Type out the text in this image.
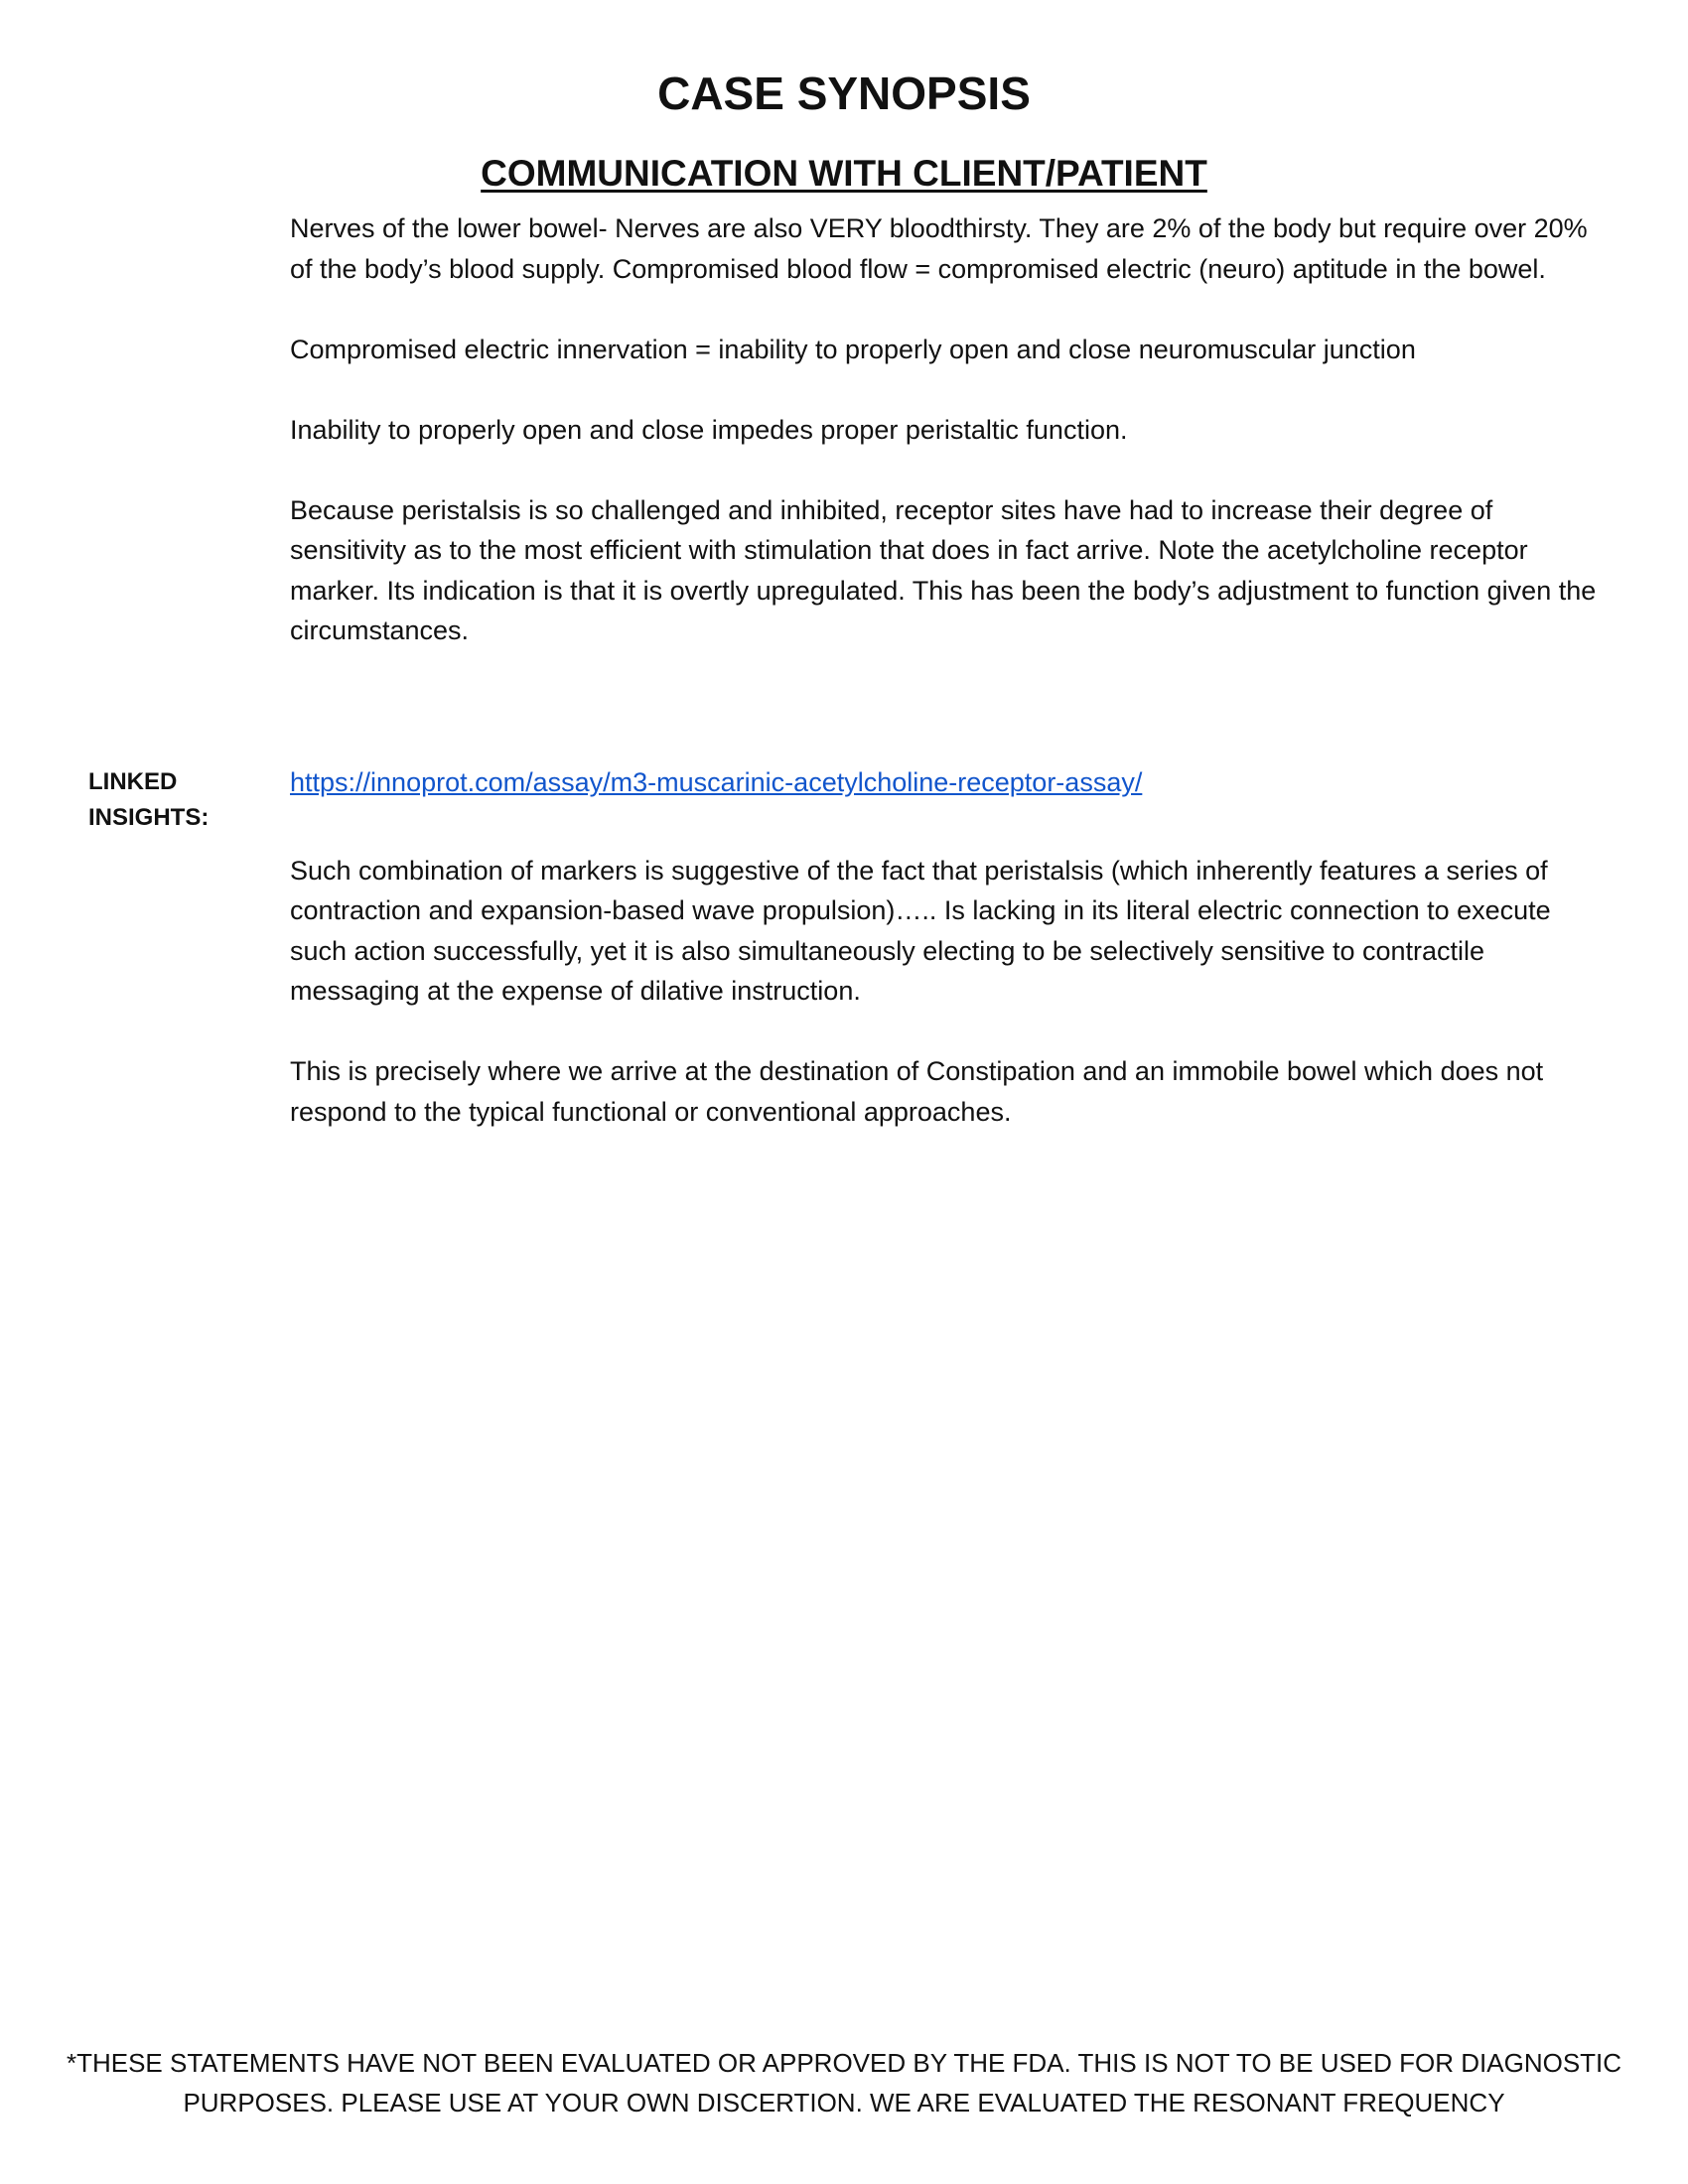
CASE SYNOPSIS
COMMUNICATION WITH CLIENT/PATIENT

Nerves of the lower bowel- Nerves are also VERY bloodthirsty. They are 2% of the body but require over 20% of the body’s blood supply. Compromised blood flow = compromised electric (neuro) aptitude in the bowel.

Compromised electric innervation = inability to properly open and close neuromuscular junction

Inability to properly open and close impedes proper peristaltic function.

Because peristalsis is so challenged and inhibited, receptor sites have had to increase their degree of sensitivity as to the most efficient with stimulation that does in fact arrive. Note the acetylcholine receptor marker. Its indication is that it is overtly upregulated. This has been the body’s adjustment to function given the circumstances.

LINKED INSIGHTS:
https://innoprot.com/assay/m3-muscarinic-acetylcholine-receptor-assay/

Such combination of markers is suggestive of the fact that peristalsis (which inherently features a series of contraction and expansion-based wave propulsion)….. Is lacking in its literal electric connection to execute such action successfully, yet it is also simultaneously electing to be selectively sensitive to contractile messaging at the expense of dilative instruction.

This is precisely where we arrive at the destination of Constipation and an immobile bowel which does not respond to the typical functional or conventional approaches.

*THESE STATEMENTS HAVE NOT BEEN EVALUATED OR APPROVED BY THE FDA. THIS IS NOT TO BE USED FOR DIAGNOSTIC PURPOSES. PLEASE USE AT YOUR OWN DISCERTION. WE ARE EVALUATED THE RESONANT FREQUENCY
